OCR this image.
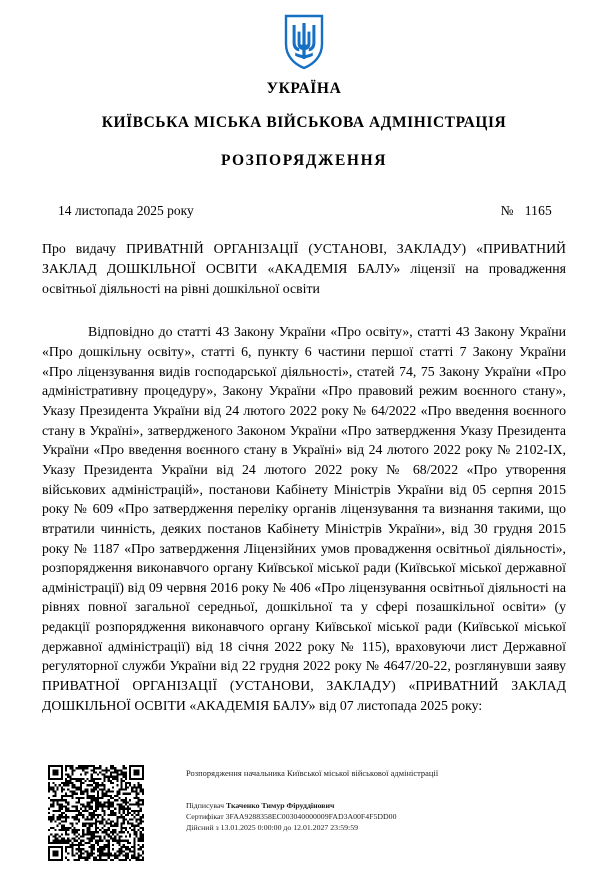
УКРАЇНА
КИЇВСЬКА МІСЬКА ВІЙСЬКОВА АДМІНІСТРАЦІЯ
РОЗПОРЯДЖЕННЯ
14 листопада 2025 року	№ 1165
Про видачу ПРИВАТНІЙ ОРГАНІЗАЦІЇ (УСТАНОВІ, ЗАКЛАДУ) «ПРИВАТНИЙ ЗАКЛАД ДОШКІЛЬНОЇ ОСВІТИ «АКАДЕМІЯ БАЛУ» ліцензії на провадження освітньої діяльності на рівні дошкільної освіти
Відповідно до статті 43 Закону України «Про освіту», статті 43 Закону України «Про дошкільну освіту», статті 6, пункту 6 частини першої статті 7 Закону України «Про ліцензування видів господарської діяльності», статей 74, 75 Закону України «Про адміністративну процедуру», Закону України «Про правовий режим воєнного стану», Указу Президента України від 24 лютого 2022 року № 64/2022 «Про введення воєнного стану в Україні», затвердженого Законом України «Про затвердження Указу Президента України «Про введення воєнного стану в Україні» від 24 лютого 2022 року № 2102-IX, Указу Президента України від 24 лютого 2022 року № 68/2022 «Про утворення військових адміністрацій», постанови Кабінету Міністрів України від 05 серпня 2015 року № 609 «Про затвердження переліку органів ліцензування та визнання такими, що втратили чинність, деяких постанов Кабінету Міністрів України», від 30 грудня 2015 року № 1187 «Про затвердження Ліцензійних умов провадження освітньої діяльності», розпорядження виконавчого органу Київської міської ради (Київської міської державної адміністрації) від 09 червня 2016 року № 406 «Про ліцензування освітньої діяльності на рівнях повної загальної середньої, дошкільної та у сфері позашкільної освіти» (у редакції розпорядження виконавчого органу Київської міської ради (Київської міської державної адміністрації) від 18 січня 2022 року № 115), враховуючи лист Державної регуляторної служби України від 22 грудня 2022 року № 4647/20-22, розглянувши заяву ПРИВАТНОЇ ОРГАНІЗАЦІЇ (УСТАНОВИ, ЗАКЛАДУ) «ПРИВАТНИЙ ЗАКЛАД ДОШКІЛЬНОЇ ОСВІТИ «АКАДЕМІЯ БАЛУ» від 07 листопада 2025 року:
Розпорядження начальника Київської міської військової адміністрації
Підписувач Ткаченко Тимур Фіруддінович
Сертифікат 3FAA9288358EC003040000009FAD3A00F4F5DD00
Дійсний з 13.01.2025 0:00:00 до 12.01.2027 23:59:59
